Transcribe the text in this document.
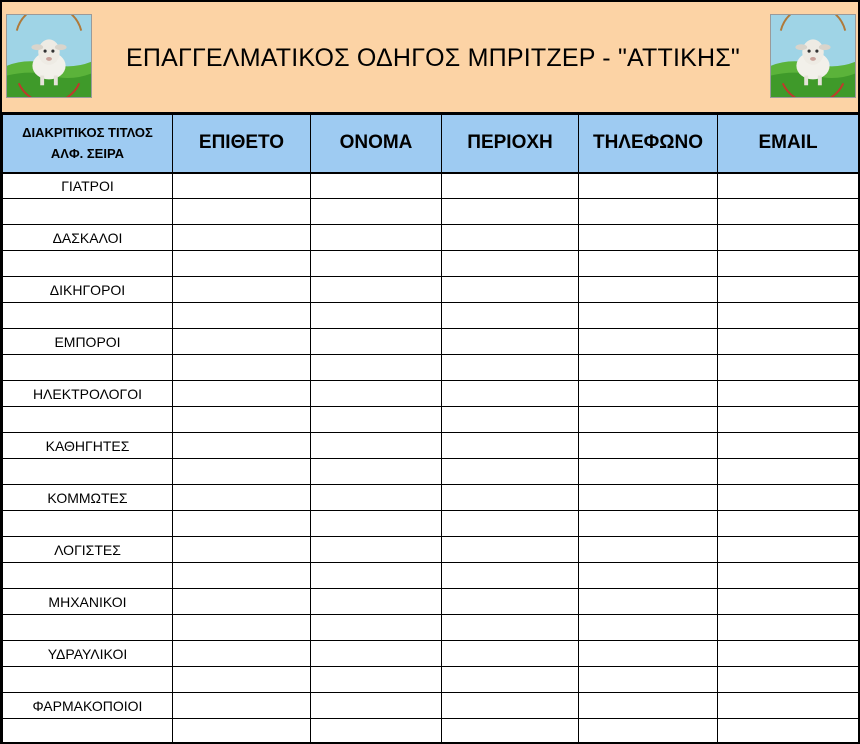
ΕΠΑΓΓΕΛΜΑΤΙΚΟΣ ΟΔΗΓΟΣ ΜΠΡΙΤΖΕΡ - "ΑΤΤΙΚΗΣ"
ΔΙΑΚΡΙΤΙΚΟΣ ΤΙΤΛΟΣ
ΑΛΦ. ΣΕΙΡΑ	ΕΠΙΘΕΤΟ	ΟΝΟΜΑ	ΠΕΡΙΟΧΗ	ΤΗΛΕΦΩΝΟ	EMAIL
ΓΙΑΤΡΟΙ					

ΔΑΣΚΑΛΟΙ					

ΔΙΚΗΓΟΡΟΙ					

ΕΜΠΟΡΟΙ					

ΗΛΕΚΤΡΟΛΟΓΟΙ					

ΚΑΘΗΓΗΤΕΣ					

ΚΟΜΜΩΤΕΣ					

ΛΟΓΙΣΤΕΣ					

ΜΗΧΑΝΙΚΟΙ					

ΥΔΡΑΥΛΙΚΟΙ					

ΦΑΡΜΑΚΟΠΟΙΟΙ					
